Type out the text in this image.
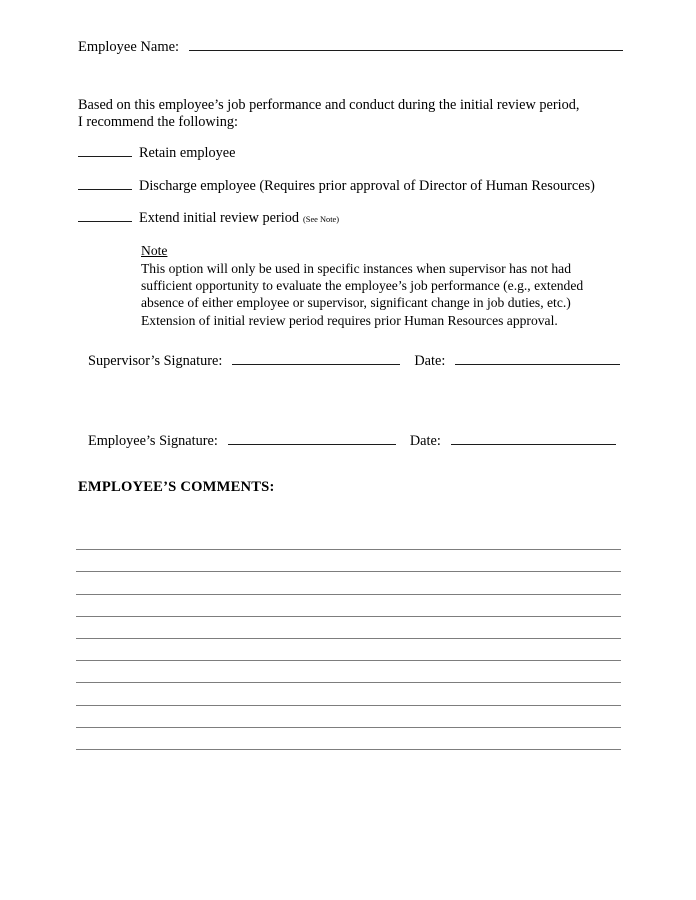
Employee Name:
Based on this employee’s job performance and conduct during the initial review period, I recommend the following:
Retain employee
Discharge employee (Requires prior approval of Director of Human Resources)
Extend initial review period (See Note)
Note

This option will only be used in specific instances when supervisor has not had

sufficient opportunity to evaluate the employee’s job performance (e.g., extended

absence of either employee or supervisor, significant change in job duties, etc.)

Extension of initial review period requires prior Human Resources approval.

Supervisor’s Signature:	Date:
Employee’s Signature:	Date:
EMPLOYEE’S COMMENTS:
